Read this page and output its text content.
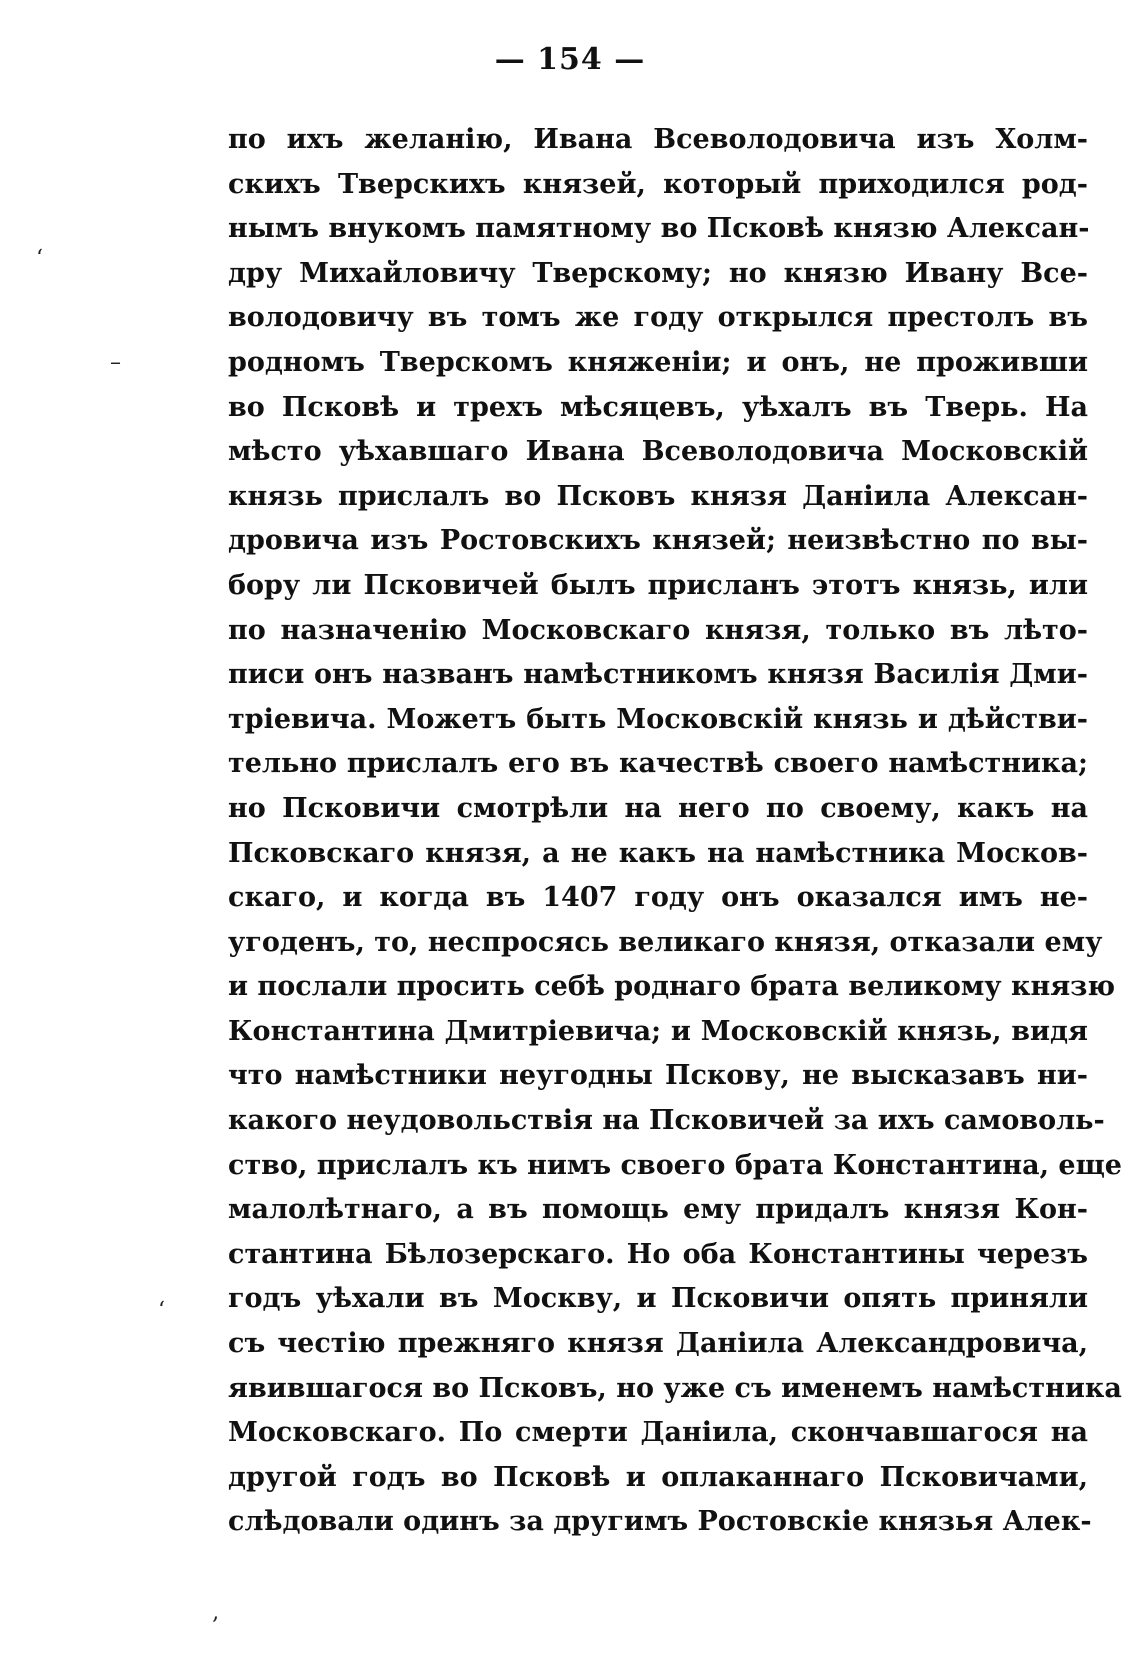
— 154 —
по ихъ желанію, Ивана Всеволодовича изъ Холм-
скихъ Тверскихъ князей, который приходился род-
нымъ внукомъ памятному во Псковѣ князю Алексан-
дру Михайловичу Тверскому; но князю Ивану Все-
володовичу въ томъ же году открылся престолъ въ
родномъ Тверскомъ княженіи; и онъ, не проживши
во Псковѣ и трехъ мѣсяцевъ, уѣхалъ въ Тверь. На
мѣсто уѣхавшаго Ивана Всеволодовича Московскій
князь прислалъ во Псковъ князя Даніила Алексан-
дровича изъ Ростовскихъ князей; неизвѣстно по вы-
бору ли Псковичей былъ присланъ этотъ князь, или
по назначенію Московскаго князя, только въ лѣто-
писи онъ названъ намѣстникомъ князя Василія Дми-
тріевича. Можетъ быть Московскій князь и дѣйстви-
тельно прислалъ его въ качествѣ своего намѣстника;
но Псковичи смотрѣли на него по своему, какъ на
Псковскаго князя, а не какъ на намѣстника Москов-
скаго, и когда въ 1407 году онъ оказался имъ не-
угоденъ, то, неспросясь великаго князя, отказали ему
и послали просить себѣ роднаго брата великому князю
Константина Дмитріевича; и Московскій князь, видя
что намѣстники неугодны Пскову, не высказавъ ни-
какого неудовольствія на Псковичей за ихъ самоволь-
ство, прислалъ къ нимъ своего брата Константина, еще
малолѣтнаго, а въ помощь ему придалъ князя Кон-
стантина Бѣлозерскаго. Но оба Константины черезъ
годъ уѣхали въ Москву, и Псковичи опять приняли
съ честію прежняго князя Даніила Александровича,
явившагося во Псковъ, но уже съ именемъ намѣстника
Московскаго. По смерти Даніила, скончавшагося на
другой годъ во Псковѣ и оплаканнаго Псковичами,
слѣдовали одинъ за другимъ Ростовскіе князья Алек-
ʻ
–
ʻ
‚
